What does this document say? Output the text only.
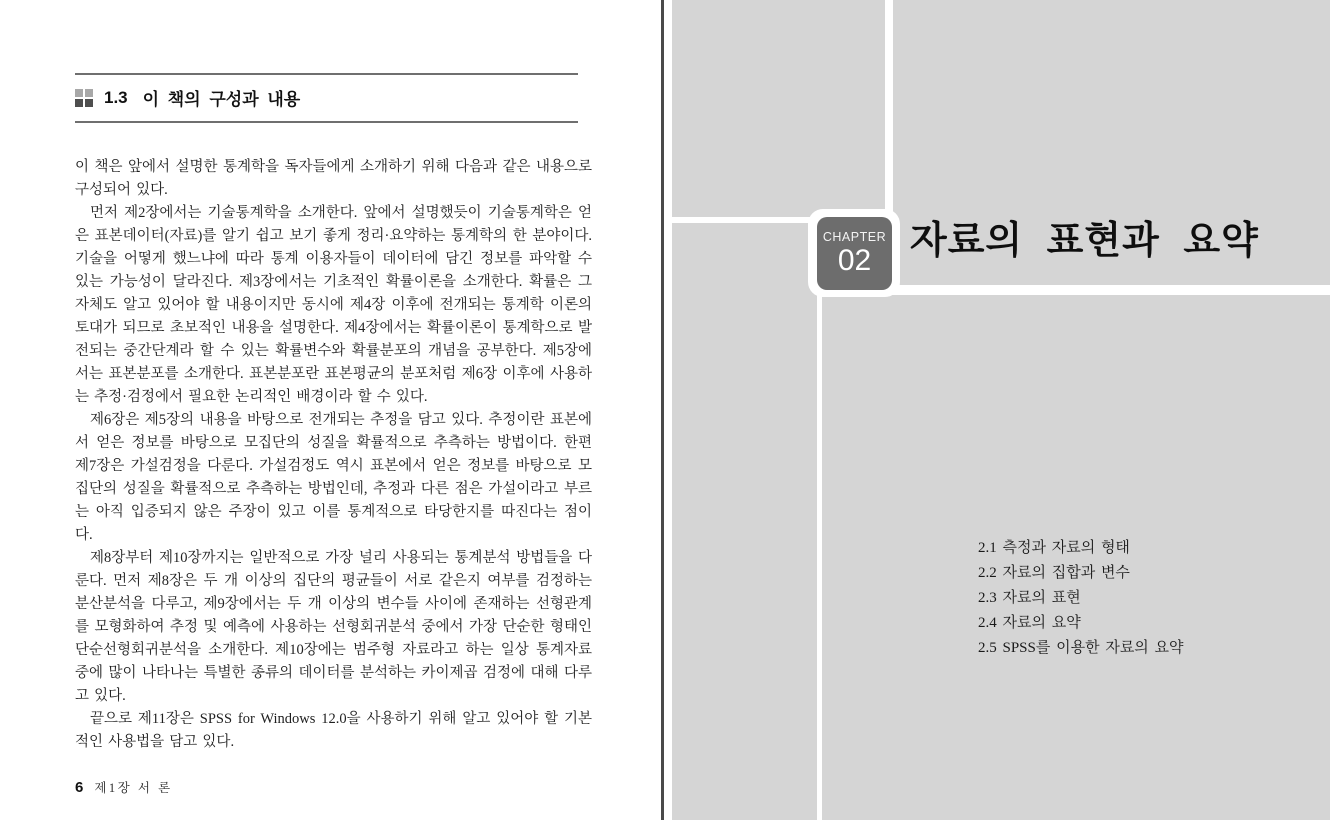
1.3 이 책의 구성과 내용

이 책은 앞에서 설명한 통계학을 독자들에게 소개하기 위해 다음과 같은 내용으로 구성되어 있다.

먼저 제2장에서는 기술통계학을 소개한다. 앞에서 설명했듯이 기술통계학은 얻은 표본데이터(자료)를 알기 쉽고 보기 좋게 정리·요약하는 통계학의 한 분야이다. 기술을 어떻게 했느냐에 따라 통계 이용자들이 데이터에 담긴 정보를 파악할 수 있는 가능성이 달라진다. 제3장에서는 기초적인 확률이론을 소개한다. 확률은 그 자체도 알고 있어야 할 내용이지만 동시에 제4장 이후에 전개되는 통계학 이론의 토대가 되므로 초보적인 내용을 설명한다. 제4장에서는 확률이론이 통계학으로 발전되는 중간단계라 할 수 있는 확률변수와 확률분포의 개념을 공부한다. 제5장에서는 표본분포를 소개한다. 표본분포란 표본평균의 분포처럼 제6장 이후에 사용하는 추정·검정에서 필요한 논리적인 배경이라 할 수 있다.

제6장은 제5장의 내용을 바탕으로 전개되는 추정을 담고 있다. 추정이란 표본에서 얻은 정보를 바탕으로 모집단의 성질을 확률적으로 추측하는 방법이다. 한편 제7장은 가설검정을 다룬다. 가설검정도 역시 표본에서 얻은 정보를 바탕으로 모집단의 성질을 확률적으로 추측하는 방법인데, 추정과 다른 점은 가설이라고 부르는 아직 입증되지 않은 주장이 있고 이를 통계적으로 타당한지를 따진다는 점이다.

제8장부터 제10장까지는 일반적으로 가장 널리 사용되는 통계분석 방법들을 다룬다. 먼저 제8장은 두 개 이상의 집단의 평균들이 서로 같은지 여부를 검정하는 분산분석을 다루고, 제9장에서는 두 개 이상의 변수들 사이에 존재하는 선형관계를 모형화하여 추정 및 예측에 사용하는 선형회귀분석 중에서 가장 단순한 형태인 단순선형회귀분석을 소개한다. 제10장에는 범주형 자료라고 하는 일상 통계자료 중에 많이 나타나는 특별한 종류의 데이터를 분석하는 카이제곱 검정에 대해 다루고 있다.

끝으로 제11장은 SPSS for Windows 12.0을 사용하기 위해 알고 있어야 할 기본적인 사용법을 담고 있다.

6 제1장 서 론
자료의 표현과 요약
2.1 측정과 자료의 형태
2.2 자료의 집합과 변수
2.3 자료의 표현
2.4 자료의 요약
2.5 SPSS를 이용한 자료의 요약
CHAPTER
02
